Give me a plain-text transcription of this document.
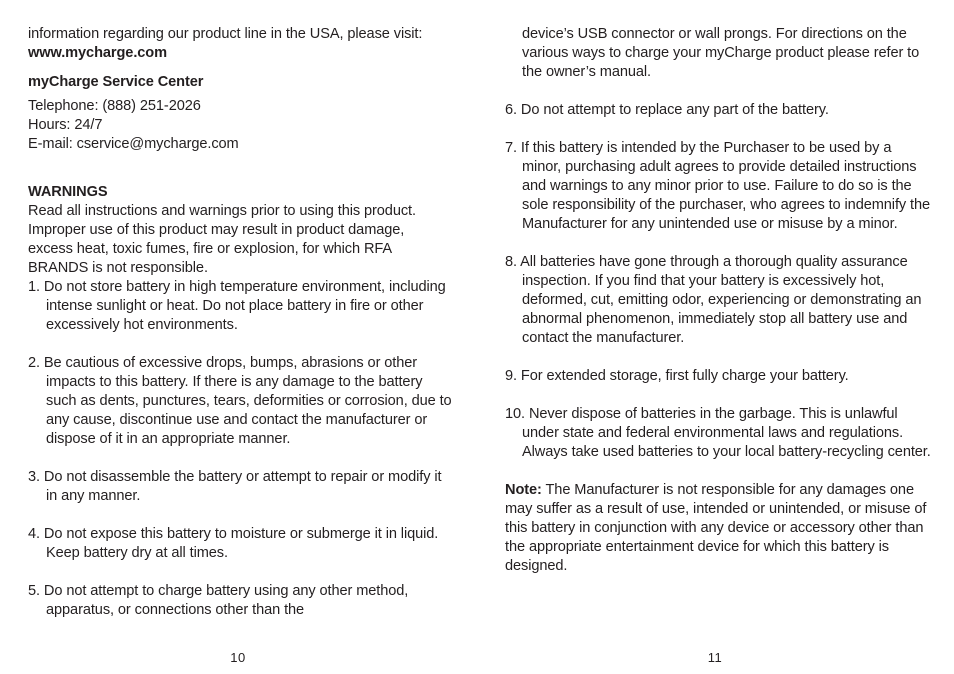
information regarding our product line in the USA, please visit: www.mycharge.com

myCharge Service Center

Telephone: (888) 251-2026

Hours: 24/7

E-mail: cservice@mycharge.com

WARNINGS

Read all instructions and warnings prior to using this product. Improper use of this product may result in product damage, excess heat, toxic fumes, fire or explosion, for which RFA BRANDS is not responsible.

1. Do not store battery in high temperature environment, including intense sunlight or heat. Do not place battery in fire or other excessively hot environments.

2. Be cautious of excessive drops, bumps, abrasions or other impacts to this battery. If there is any damage to the battery such as dents, punctures, tears, deformities or corrosion, due to any cause, discontinue use and contact the manufacturer or dispose of it in an appropriate manner.

3. Do not disassemble the battery or attempt to repair or modify it in any manner.

4. Do not expose this battery to moisture or submerge it in liquid. Keep battery dry at all times.

5. Do not attempt to charge battery using any other method, apparatus, or connections other than the

10

device’s USB connector or wall prongs. For directions on the various ways to charge your myCharge product please refer to the owner’s manual.

6. Do not attempt to replace any part of the battery.

7. If this battery is intended by the Purchaser to be used by a minor, purchasing adult agrees to provide detailed instructions and warnings to any minor prior to use. Failure to do so is the sole responsibility of the purchaser, who agrees to indemnify the Manufacturer for any unintended use or misuse by a minor.

8. All batteries have gone through a thorough quality assurance inspection. If you find that your battery is excessively hot, deformed, cut, emitting odor, experiencing or demonstrating an abnormal phenomenon, immediately stop all battery use and contact the manufacturer.

9. For extended storage, first fully charge your battery.

10. Never dispose of batteries in the garbage. This is unlawful under state and federal environmental laws and regulations. Always take used batteries to your local battery-recycling center.

Note: The Manufacturer is not responsible for any damages one may suffer as a result of use, intended or unintended, or misuse of this battery in conjunction with any device or accessory other than the appropriate entertainment device for which this battery is designed.

11
